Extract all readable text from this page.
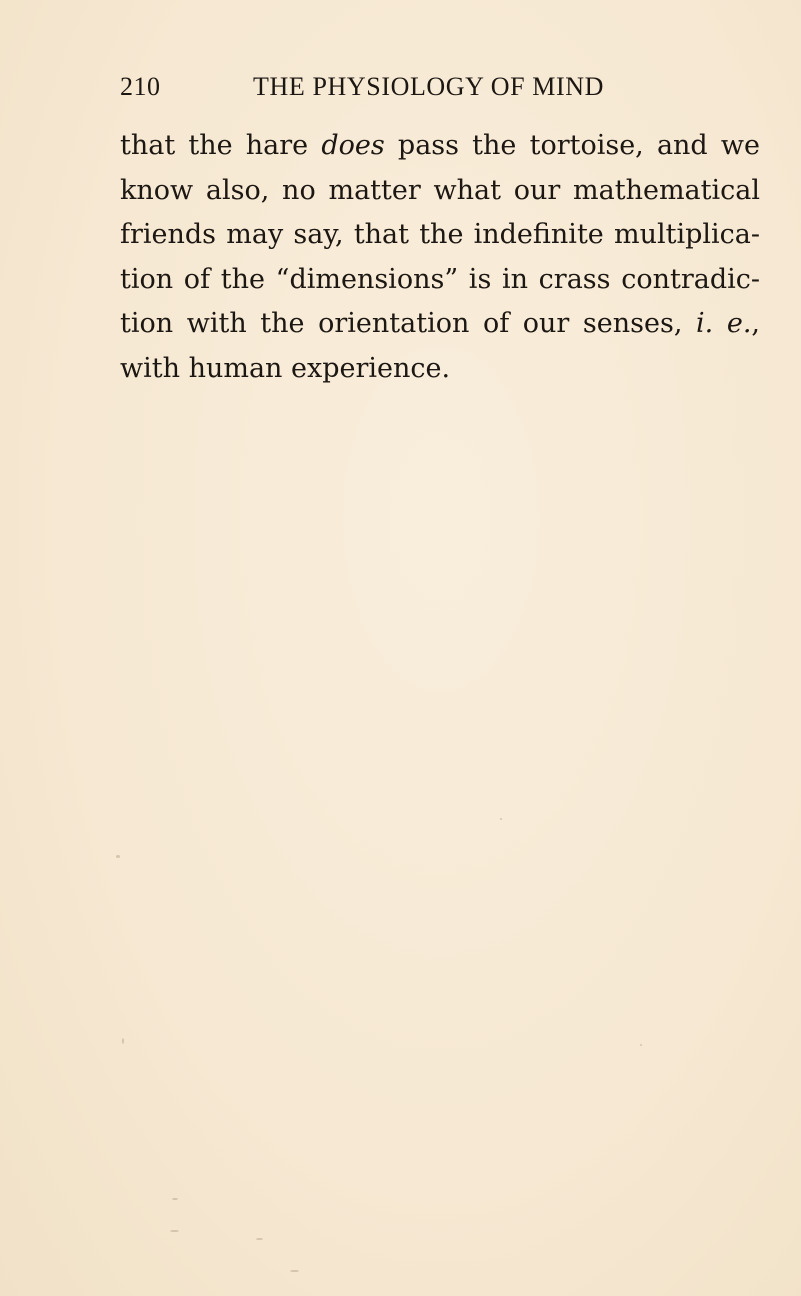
210	THE PHYSIOLOGY OF MIND
that the hare does pass the tortoise, and we
know also, no matter what our mathematical
friends may say, that the indefinite multiplica-
tion of the “dimensions” is in crass contradic-
tion with the orientation of our senses, i. e.,
with human experience.
